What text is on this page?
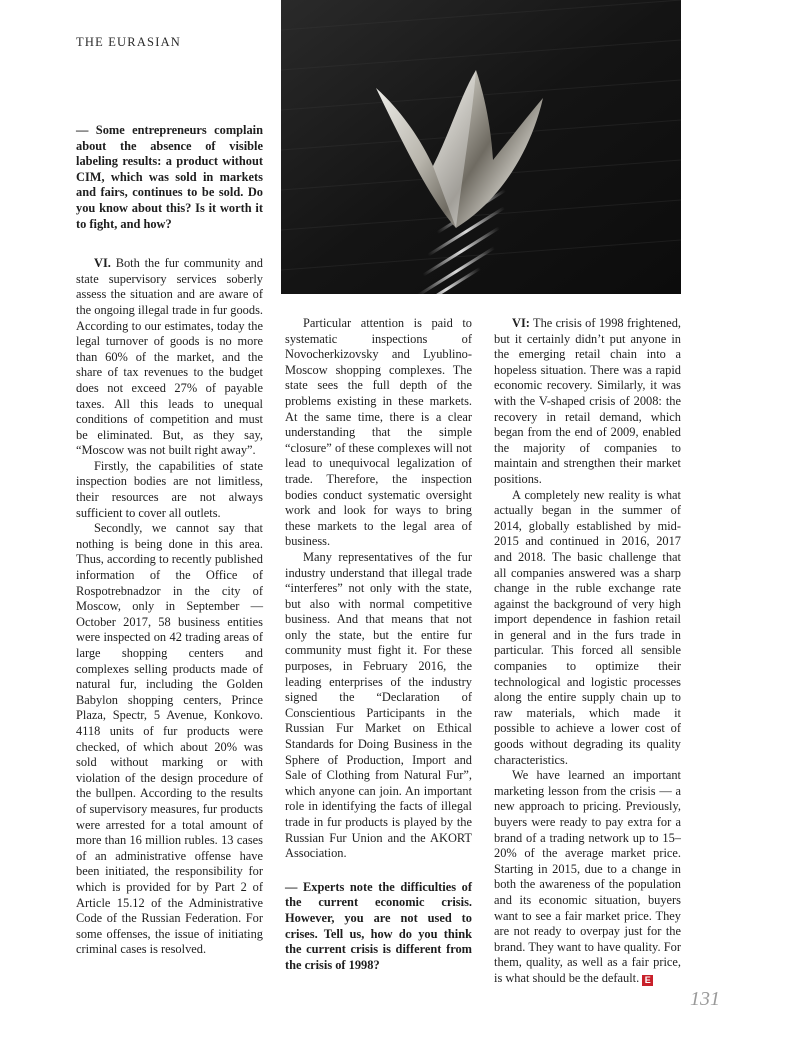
THE EURASIAN

— Some entrepreneurs complain about the absence of visible labeling results: a product without CIM, which was sold in markets and fairs, continues to be sold. Do you know about this? Is it worth it to fight, and how?

VI. Both the fur community and state supervisory services soberly assess the situation and are aware of the ongoing illegal trade in fur goods. According to our estimates, today the legal turnover of goods is no more than 60% of the market, and the share of tax revenues to the budget does not exceed 27% of payable taxes. All this leads to unequal conditions of competition and must be eliminated. But, as they say, “Moscow was not built right away”.

Firstly, the capabilities of state inspection bodies are not limitless, their resources are not always sufficient to cover all outlets.

Secondly, we cannot say that nothing is being done in this area. Thus, according to recently published information of the Office of Rospotrebnadzor in the city of Moscow, only in September — October 2017, 58 business entities were inspected on 42 trading areas of large shopping centers and complexes selling products made of natural fur, including the Golden Babylon shopping centers, Prince Plaza, Spectr, 5 Avenue, Konkovo. 4118 units of fur products were checked, of which about 20% was sold without marking or with violation of the design procedure of the bullpen. According to the results of supervisory measures, fur products were arrested for a total amount of more than 16 million rubles. 13 cases of an administrative offense have been initiated, the responsibility for which is provided for by Part 2 of Article 15.12 of the Administrative Code of the Russian Federation. For some offenses, the issue of initiating criminal cases is resolved.

Particular attention is paid to systematic inspections of Novocherkizovsky and Lyublino-Moscow shopping complexes. The state sees the full depth of the problems existing in these markets. At the same time, there is a clear understanding that the simple “closure” of these complexes will not lead to unequivocal legalization of trade. Therefore, the inspection bodies conduct systematic oversight work and look for ways to bring these markets to the legal area of business.

Many representatives of the fur industry understand that illegal trade “interferes” not only with the state, but also with normal competitive business. And that means that not only the state, but the entire fur community must fight it. For these purposes, in February 2016, the leading enterprises of the industry signed the “Declaration of Conscientious Participants in the Russian Fur Market on Ethical Standards for Doing Business in the Sphere of Production, Import and Sale of Clothing from Natural Fur”, which anyone can join. An important role in identifying the facts of illegal trade in fur products is played by the Russian Fur Union and the AKORT Association.

— Experts note the difficulties of the current economic crisis. However, you are not used to crises. Tell us, how do you think the current crisis is different from the crisis of 1998?

VI: The crisis of 1998 frightened, but it certainly didn’t put anyone in the emerging retail chain into a hopeless situation. There was a rapid economic recovery. Similarly, it was with the V-shaped crisis of 2008: the recovery in retail demand, which began from the end of 2009, enabled the majority of companies to maintain and strengthen their market positions.

A completely new reality is what actually began in the summer of 2014, globally established by mid-2015 and continued in 2016, 2017 and 2018. The basic challenge that all companies answered was a sharp change in the ruble exchange rate against the background of very high import dependence in fashion retail in general and in the furs trade in particular. This forced all sensible companies to optimize their technological and logistic processes along the entire supply chain up to raw materials, which made it possible to achieve a lower cost of goods without degrading its quality characteristics.

We have learned an important marketing lesson from the crisis — a new approach to pricing. Previously, buyers were ready to pay extra for a brand of a trading network up to 15–20% of the average market price. Starting in 2015, due to a change in both the awareness of the population and its economic situation, buyers want to see a fair market price. They are not ready to overpay just for the brand. They want to have quality. For them, quality, as well as a fair price, is what should be the default. E

131
